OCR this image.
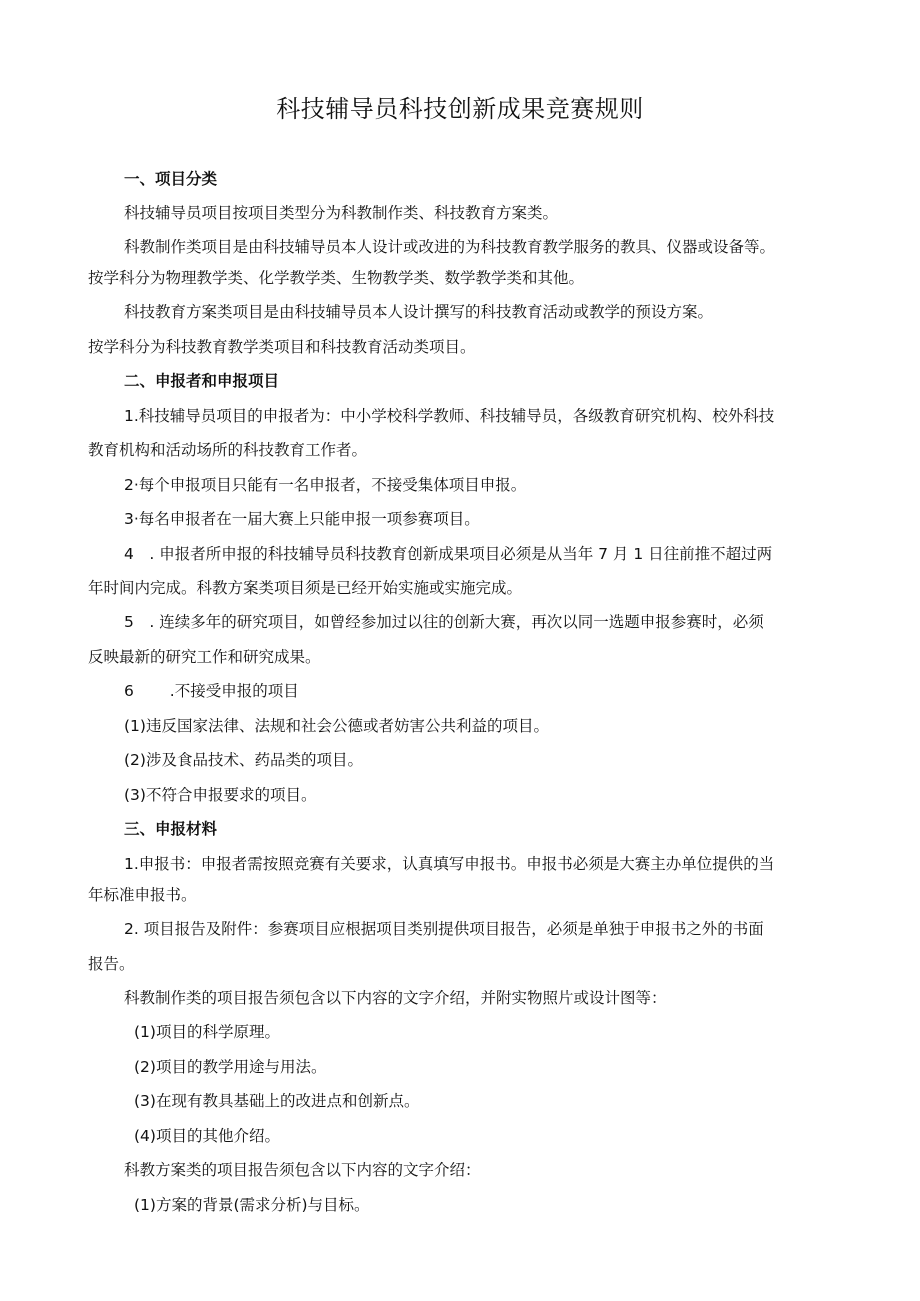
科技辅导员科技创新成果竞赛规则

一、项目分类

科技辅导员项目按项目类型分为科教制作类、科技教育方案类。

科教制作类项目是由科技辅导员本人设计或改进的为科技教育教学服务的教具、仪器或设备等。

按学科分为物理教学类、化学教学类、生物教学类、数学教学类和其他。

科技教育方案类项目是由科技辅导员本人设计撰写的科技教育活动或教学的预设方案。

按学科分为科技教育教学类项目和科技教育活动类项目。

二、申报者和申报项目

1.科技辅导员项目的申报者为：中小学校科学教师、科技辅导员，各级教育研究机构、校外科技

教育机构和活动场所的科技教育工作者。

2·每个申报项目只能有一名申报者，不接受集体项目申报。

3·每名申报者在一届大赛上只能申报一项参赛项目。

4　. 申报者所申报的科技辅导员科技教育创新成果项目必须是从当年 7 月 1 日往前推不超过两

年时间内完成。科教方案类项目须是已经开始实施或实施完成。

5　. 连续多年的研究项目，如曾经参加过以往的创新大赛，再次以同一选题申报参赛时，必须

反映最新的研究工作和研究成果。

6　　 .不接受申报的项目

(1)违反国家法律、法规和社会公德或者妨害公共利益的项目。

(2)涉及食品技术、药品类的项目。

(3)不符合申报要求的项目。

三、申报材料

1.申报书：申报者需按照竞赛有关要求，认真填写申报书。申报书必须是大赛主办单位提供的当

年标准申报书。

2. 项目报告及附件：参赛项目应根据项目类别提供项目报告，必须是单独于申报书之外的书面

报告。

科教制作类的项目报告须包含以下内容的文字介绍，并附实物照片或设计图等：

(1)项目的科学原理。

(2)项目的教学用途与用法。

(3)在现有教具基础上的改进点和创新点。

(4)项目的其他介绍。

科教方案类的项目报告须包含以下内容的文字介绍：

(1)方案的背景(需求分析)与目标。
